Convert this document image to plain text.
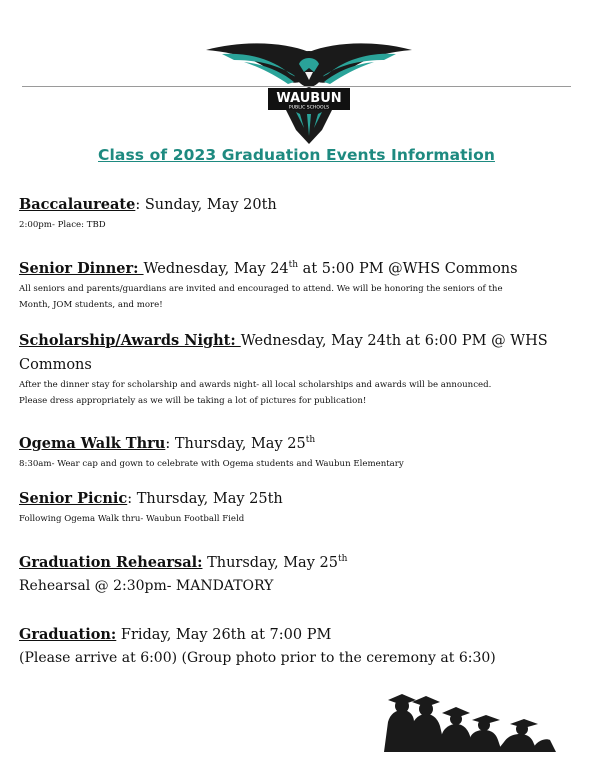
WAUBUN
PUBLIC SCHOOLS
Class of 2023 Graduation Events Information
Baccalaureate: Sunday, May 20th
2:00pm- Place: TBD
Senior Dinner: Wednesday, May 24th at 5:00 PM @WHS Commons
All seniors and parents/guardians are invited and encouraged to attend. We will be honoring the seniors of the
Month, JOM students, and more!
Scholarship/Awards Night: Wednesday, May 24th at 6:00 PM @ WHS
Commons
After the dinner stay for scholarship and awards night- all local scholarships and awards will be announced.
Please dress appropriately as we will be taking a lot of pictures for publication!
Ogema Walk Thru: Thursday, May 25th
8:30am- Wear cap and gown to celebrate with Ogema students and Waubun Elementary
Senior Picnic: Thursday, May 25th
Following Ogema Walk thru- Waubun Football Field
Graduation Rehearsal: Thursday, May 25th
Rehearsal @ 2:30pm- MANDATORY
Graduation: Friday, May 26th at 7:00 PM
(Please arrive at 6:00) (Group photo prior to the ceremony at 6:30)
